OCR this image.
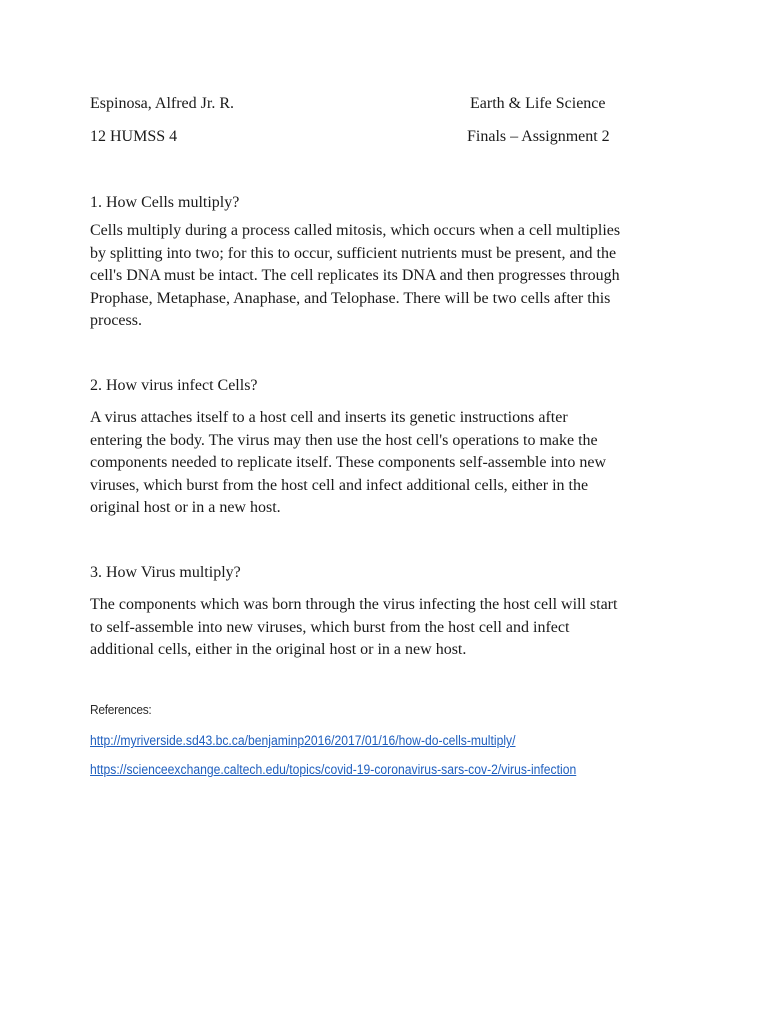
Espinosa, Alfred Jr. R.	Earth & Life Science
12 HUMSS 4	Finals – Assignment 2
1. How Cells multiply?
Cells multiply during a process called mitosis, which occurs when a cell multiplies
by splitting into two; for this to occur, sufficient nutrients must be present, and the
cell's DNA must be intact. The cell replicates its DNA and then progresses through
Prophase, Metaphase, Anaphase, and Telophase. There will be two cells after this
process.
2. How virus infect Cells?
A virus attaches itself to a host cell and inserts its genetic instructions after
entering the body. The virus may then use the host cell's operations to make the
components needed to replicate itself. These components self-assemble into new
viruses, which burst from the host cell and infect additional cells, either in the
original host or in a new host.
3. How Virus multiply?
The components which was born through the virus infecting the host cell will start
to self-assemble into new viruses, which burst from the host cell and infect
additional cells, either in the original host or in a new host.
References:
http://myriverside.sd43.bc.ca/benjaminp2016/2017/01/16/how-do-cells-multiply/
https://scienceexchange.caltech.edu/topics/covid-19-coronavirus-sars-cov-2/virus-infection
